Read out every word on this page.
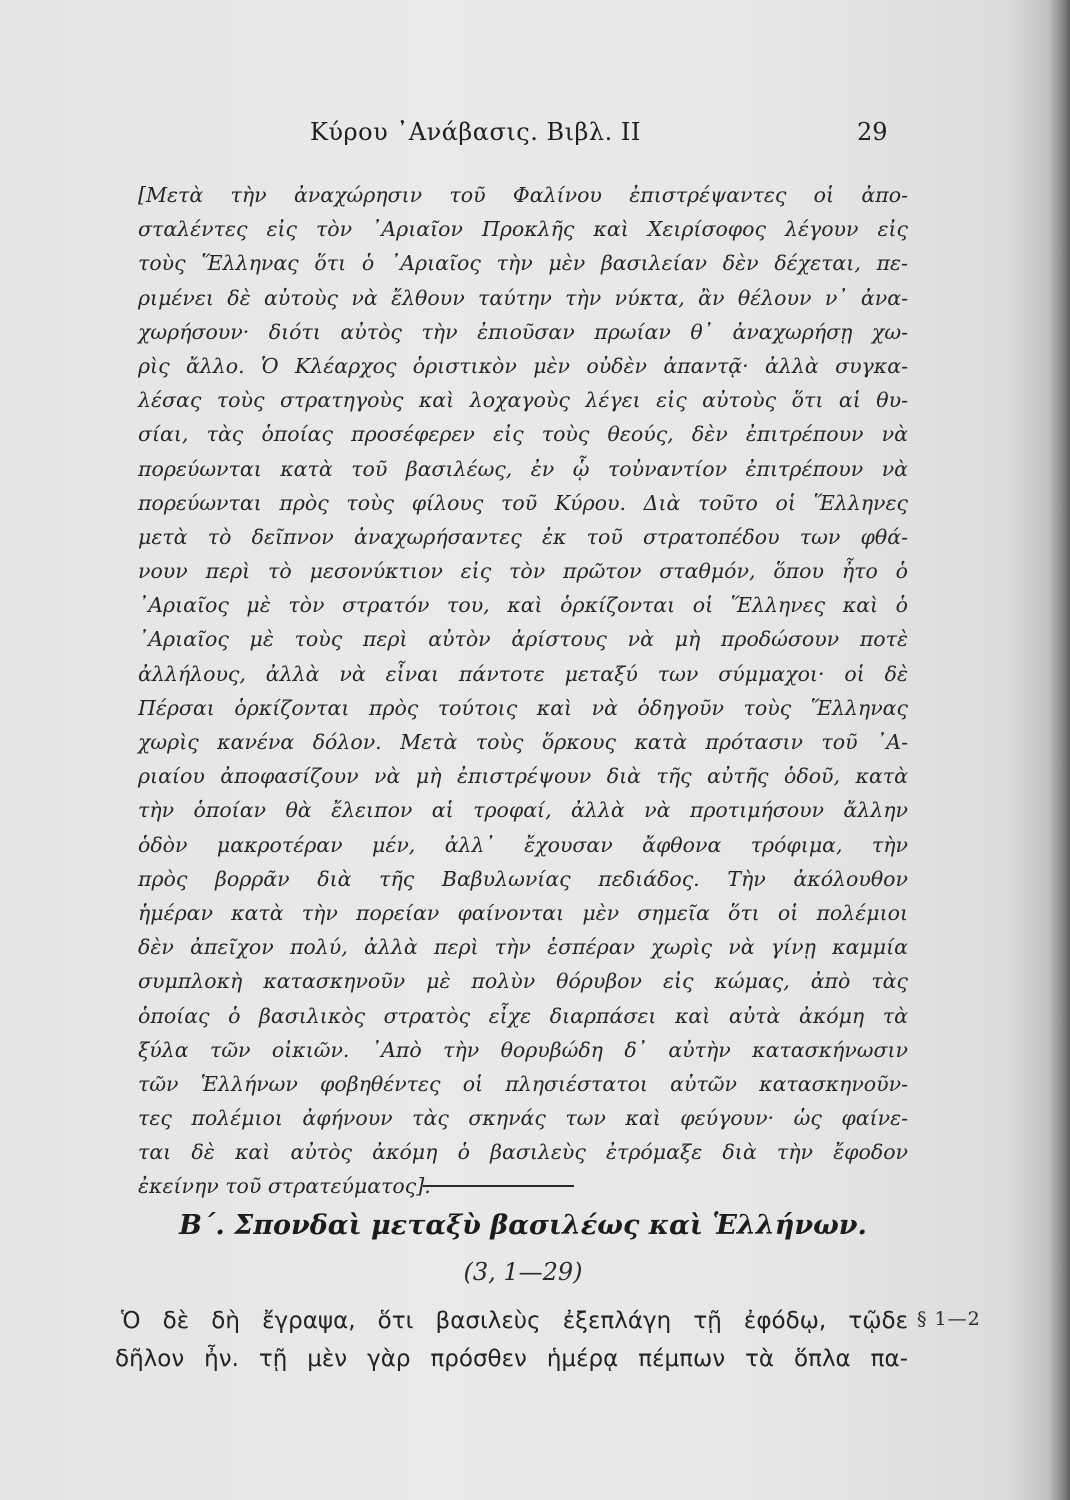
Κύρου ᾿Ανάβασις. Βιβλ. ΙΙ	29
[Μετὰ τὴν ἀναχώρησιν τοῦ Φαλίνου ἐπιστρέψαντες οἱ ἀπο-
σταλέντες εἰς τὸν ᾿Αριαῖον Προκλῆς καὶ Χειρίσοφος λέγουν εἰς
τοὺς Ἕλληνας ὅτι ὁ ᾿Αριαῖος τὴν μὲν βασιλείαν δὲν δέχεται, πε-
ριμένει δὲ αὐτοὺς νὰ ἔλθουν ταύτην τὴν νύκτα, ἂν θέλουν ν᾿ ἀνα-
χωρήσουν· διότι αὐτὸς τὴν ἐπιοῦσαν πρωίαν θ᾿ ἀναχωρήσῃ χω-
ρὶς ἄλλο. Ὁ Κλέαρχος ὁριστικὸν μὲν οὐδὲν ἀπαντᾷ· ἀλλὰ συγκα-
λέσας τοὺς στρατηγοὺς καὶ λοχαγοὺς λέγει εἰς αὐτοὺς ὅτι αἱ θυ-
σίαι, τὰς ὁποίας προσέφερεν εἰς τοὺς θεούς, δὲν ἐπιτρέπουν νὰ
πορεύωνται κατὰ τοῦ βασιλέως, ἐν ᾧ τοὐναντίον ἐπιτρέπουν νὰ
πορεύωνται πρὸς τοὺς φίλους τοῦ Κύρου. Διὰ τοῦτο οἱ Ἕλληνες
μετὰ τὸ δεῖπνον ἀναχωρήσαντες ἐκ τοῦ στρατοπέδου των φθά-
νουν περὶ τὸ μεσονύκτιον εἰς τὸν πρῶτον σταθμόν, ὅπου ἦτο ὁ
᾿Αριαῖος μὲ τὸν στρατόν του, καὶ ὁρκίζονται οἱ Ἕλληνες καὶ ὁ
᾿Αριαῖος μὲ τοὺς περὶ αὐτὸν ἀρίστους νὰ μὴ προδώσουν ποτὲ
ἀλλήλους, ἀλλὰ νὰ εἶναι πάντοτε μεταξύ των σύμμαχοι· οἱ δὲ
Πέρσαι ὁρκίζονται πρὸς τούτοις καὶ νὰ ὁδηγοῦν τοὺς Ἕλληνας
χωρὶς κανένα δόλον. Μετὰ τοὺς ὅρκους κατὰ πρότασιν τοῦ ᾿Α-
ριαίου ἀποφασίζουν νὰ μὴ ἐπιστρέψουν διὰ τῆς αὐτῆς ὁδοῦ, κατὰ
τὴν ὁποίαν θὰ ἔλειπον αἱ τροφαί, ἀλλὰ νὰ προτιμήσουν ἄλλην
ὁδὸν μακροτέραν μέν, ἀλλ᾿ ἔχουσαν ἄφθονα τρόφιμα, τὴν
πρὸς βορρᾶν διὰ τῆς Βαβυλωνίας πεδιάδος. Τὴν ἀκόλουθον
ἡμέραν κατὰ τὴν πορείαν φαίνονται μὲν σημεῖα ὅτι οἱ πολέμιοι
δὲν ἀπεῖχον πολύ, ἀλλὰ περὶ τὴν ἑσπέραν χωρὶς νὰ γίνῃ καμμία
συμπλοκὴ κατασκηνοῦν μὲ πολὺν θόρυβον εἰς κώμας, ἀπὸ τὰς
ὁποίας ὁ βασιλικὸς στρατὸς εἶχε διαρπάσει καὶ αὐτὰ ἀκόμη τὰ
ξύλα τῶν οἰκιῶν. ᾿Απὸ τὴν θορυβώδη δ᾿ αὐτὴν κατασκήνωσιν
τῶν Ἑλλήνων φοβηθέντες οἱ πλησιέστατοι αὐτῶν κατασκηνοῦν-
τες πολέμιοι ἀφήνουν τὰς σκηνάς των καὶ φεύγουν· ὡς φαίνε-
ται δὲ καὶ αὐτὸς ἀκόμη ὁ βασιλεὺς ἐτρόμαξε διὰ τὴν ἔφοδον
ἐκείνην τοῦ στρατεύματος].
Β΄. Σπονδαὶ μεταξὺ βασιλέως καὶ Ἑλλήνων.
(3, 1—29)
Ὁ δὲ δὴ ἔγραψα, ὅτι βασιλεὺς ἐξεπλάγη τῇ ἐφόδῳ, τῷδε
δῆλον ἦν. τῇ μὲν γὰρ πρόσθεν ἡμέρᾳ πέμπων τὰ ὅπλα πα-
§ 1—2
